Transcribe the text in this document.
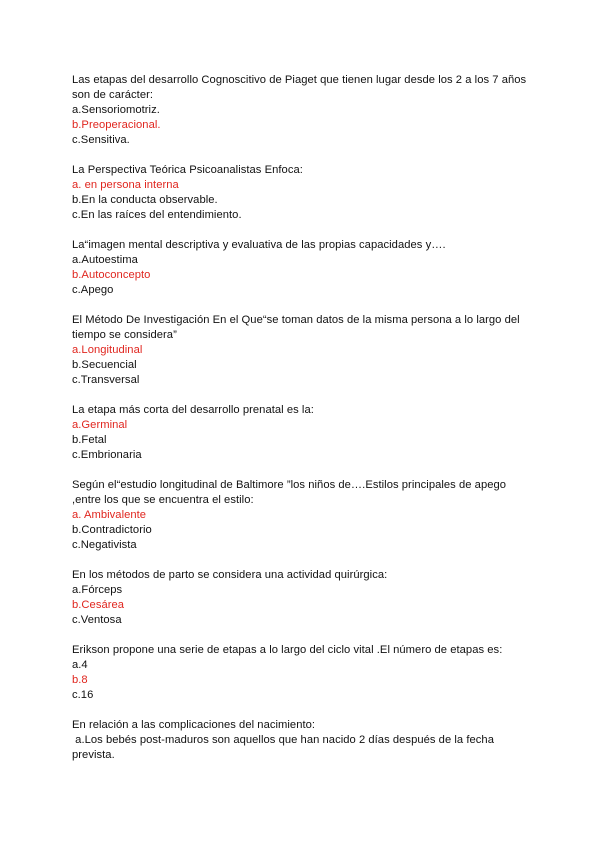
Las etapas del desarrollo Cognoscitivo de Piaget que tienen lugar desde los 2 a los 7 años
son de carácter:
a.Sensoriomotriz.
b.Preoperacional.
c.Sensitiva.
La Perspectiva Teórica Psicoanalistas Enfoca:
a. en persona interna
b.En la conducta observable.
c.En las raíces del entendimiento.
La“imagen mental descriptiva y evaluativa de las propias capacidades y….
a.Autoestima
b.Autoconcepto
c.Apego
El Método De Investigación En el Que“se toman datos de la misma persona a lo largo del
tiempo se considera”
a.Longitudinal
b.Secuencial
c.Transversal
La etapa más corta del desarrollo prenatal es la:
a.Germinal
b.Fetal
c.Embrionaria
Según el“estudio longitudinal de Baltimore ”los niños de….Estilos principales de apego
,entre los que se encuentra el estilo:
a. Ambivalente
b.Contradictorio
c.Negativista
En los métodos de parto se considera una actividad quirúrgica:
a.Fórceps
b.Cesárea
c.Ventosa
Erikson propone una serie de etapas a lo largo del ciclo vital .El número de etapas es:
a.4
b.8
c.16
En relación a las complicaciones del nacimiento:
a.Los bebés post-maduros son aquellos que han nacido 2 días después de la fecha
prevista.
